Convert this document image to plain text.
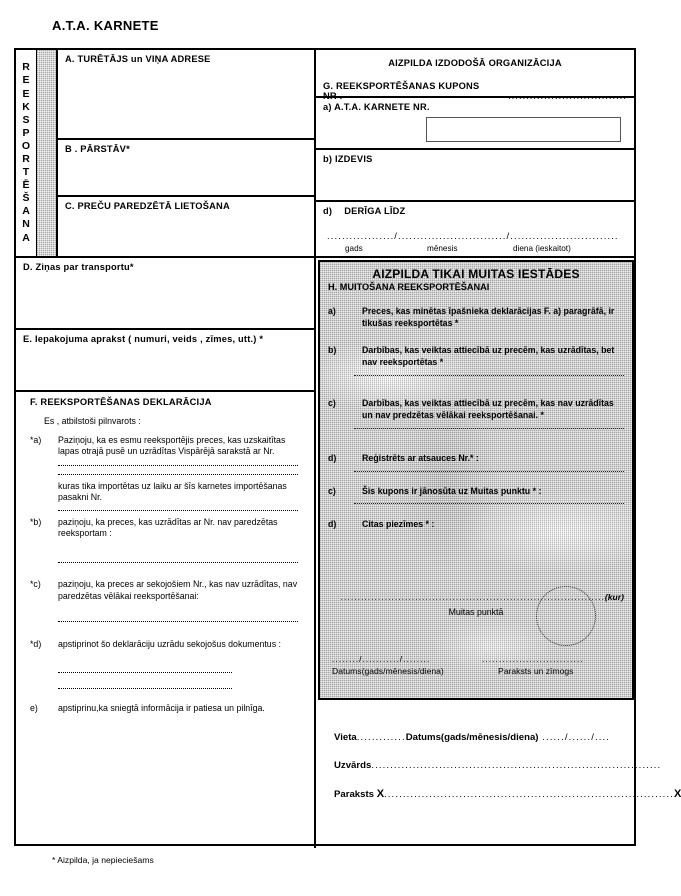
A.T.A. KARNETE
R
E
E
K
S
P
O
R
T
Ē
Š
A
N
A
A. TURĒTĀJS un VIŅA ADRESE
B . PĀRSTĀV*
C. PREČU PAREDZĒTĀ LIETOŠANA
D. Ziņas par transportu*
E. Iepakojuma aprakst ( numuri, veids , zīmes, utt.) *
F. REEKSPORTĒŠANAS DEKLARĀCIJA
Es , atbilstoši pilnvarots :
*a)	Paziņoju, ka es esmu reeksportējis preces, kas uzskaitītas lapas otrajā pusē un uzrādītas Vispārējā sarakstā ar Nr.
kuras tika importētas uz laiku ar šīs karnetes importēšanas pasakni Nr.
*b)	paziņoju, ka preces, kas uzrādītas ar Nr. nav paredzētas reeksportam :
*c)	paziņoju, ka preces ar sekojošiem Nr., kas nav uzrādītas, nav paredzētas vēlākai reeksportēšanai:
*d)	apstiprinot šo deklarāciju uzrādu sekojošus dokumentus :
e)	apstiprinu,ka sniegtā informācija ir patiesa un pilnīga.
AIZPILDA IZDODOŠĀ ORGANIZĀCIJA
G. REEKSPORTĒŠANAS KUPONS NR .	.................................
a) A.T.A. KARNETE NR.
b) IZDEVIS
d) DERĪGA LĪDZ
................../............................./.............................
gads	mēnesis	diena (ieskaitot)
AIZPILDA TIKAI MUITAS IESTĀDES
H. MUITOŠANA REEKSPORTĒŠANAI
a)	Preces, kas minētas īpašnieka deklarācijas F. a) paragrāfā, ir tikušas reeksportētas *
b)	Darbības, kas veiktas attiecībā uz precēm, kas uzrādītas, bet nav reeksportētas *
c)	Darbības, kas veiktas attiecībā uz precēm, kas nav uzrādītas un nav predzētas vēlākai reeksportēšanai. *
d)	Reģistrēts ar atsauces Nr.* :
c)	Šis kupons ir jānosūta uz Muitas punktu * :
d)	Citas piezīmes * :
..............................................................................(kur)
Muitas punktā
......../.........../........
Datums(gads/mēnesis/diena)
..............................
Paraksts un zīmogs
Vieta.............Datums(gads/mēnesis/diena) ....../....../....
Uzvārds.............................................................................
Paraksts X.............................................................................X
* Aizpilda, ja nepieciešams
